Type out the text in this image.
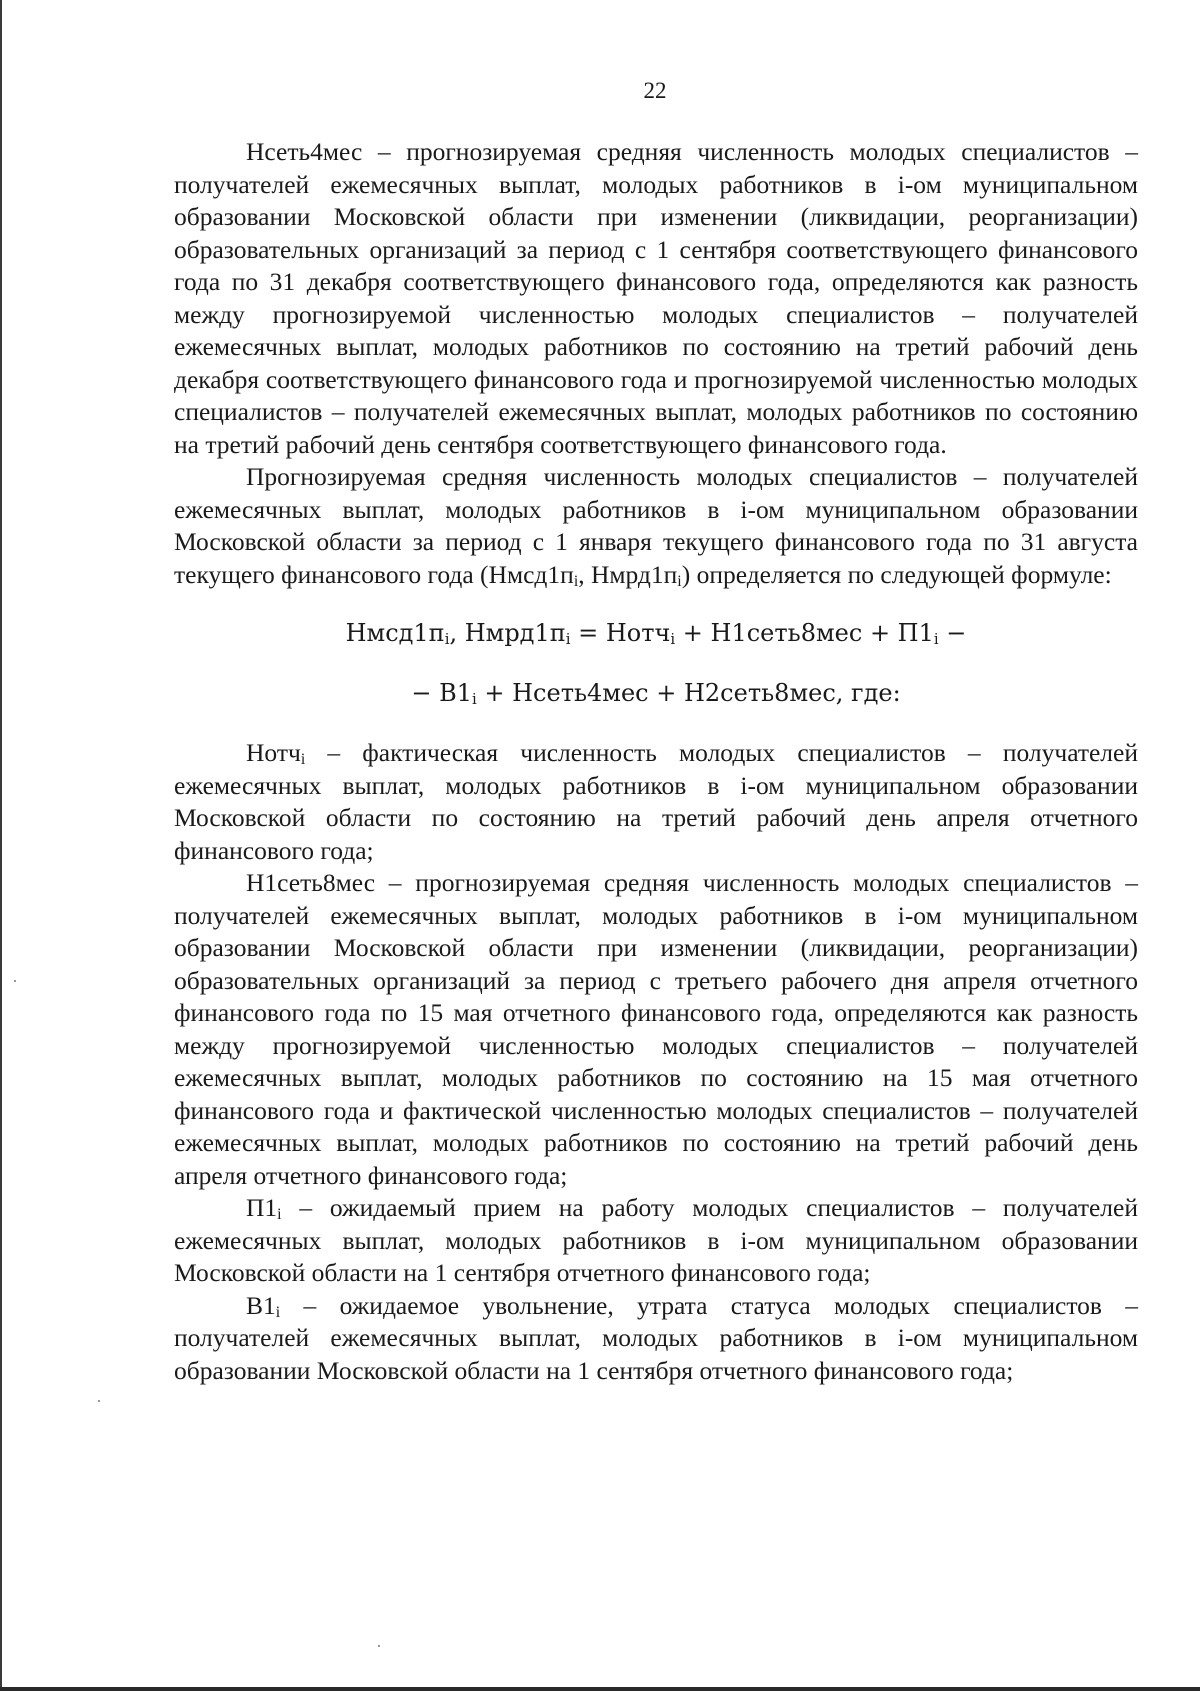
22

Нсеть4мес – прогнозируемая средняя численность молодых специалистов – получателей ежемесячных выплат, молодых работников в i-ом муниципальном образовании Московской области при изменении (ликвидации, реорганизации) образовательных организаций за период с 1 сентября соответствующего финансового года по 31 декабря соответствующего финансового года, определяются как разность между прогнозируемой численностью молодых специалистов – получателей ежемесячных выплат, молодых работников по состоянию на третий рабочий день декабря соответствующего финансового года и прогнозируемой численностью молодых специалистов – получателей ежемесячных выплат, молодых работников по состоянию на третий рабочий день сентября соответствующего финансового года.

Прогнозируемая средняя численность молодых специалистов – получателей ежемесячных выплат, молодых работников в i-ом муниципальном образовании Московской области за период с 1 января текущего финансового года по 31 августа текущего финансового года ($Нмсд1п_i$, $Нмрд1п_i$) определяется по следующей формуле:

$Нмсд1п_i$, $Нмрд1п_i$ = Нотч$_i$ + Н1сеть8мес + $П1_i$ −
− $В1_i$ + Нсеть4мес + Н2сеть8мес, где:

Нотч$_i$ – фактическая численность молодых специалистов – получателей ежемесячных выплат, молодых работников в i-ом муниципальном образовании Московской области по состоянию на третий рабочий день апреля отчетного финансового года;

Н1сеть8мес – прогнозируемая средняя численность молодых специалистов – получателей ежемесячных выплат, молодых работников в i-ом муниципальном образовании Московской области при изменении (ликвидации, реорганизации) образовательных организаций за период с третьего рабочего дня апреля отчетного финансового года по 15 мая отчетного финансового года, определяются как разность между прогнозируемой численностью молодых специалистов – получателей ежемесячных выплат, молодых работников по состоянию на 15 мая отчетного финансового года и фактической численностью молодых специалистов – получателей ежемесячных выплат, молодых работников по состоянию на третий рабочий день апреля отчетного финансового года;

$П1_i$ – ожидаемый прием на работу молодых специалистов – получателей ежемесячных выплат, молодых работников в i-ом муниципальном образовании Московской области на 1 сентября отчетного финансового года;

$В1_i$ – ожидаемое увольнение, утрата статуса молодых специалистов – получателей ежемесячных выплат, молодых работников в i-ом муниципальном образовании Московской области на 1 сентября отчетного финансового года;
